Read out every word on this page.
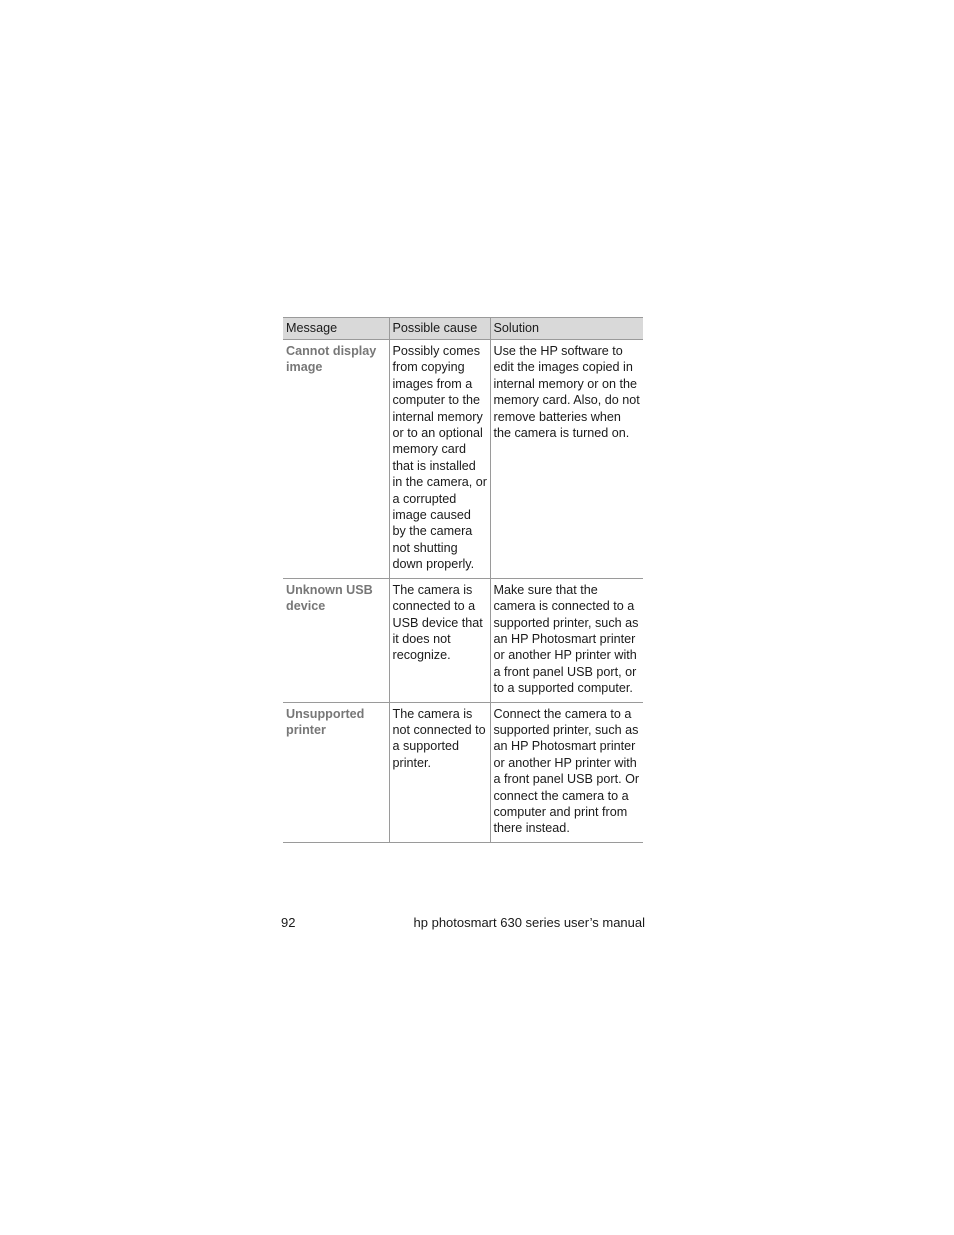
Message	Possible cause	Solution
Cannot display image	Possibly comes from copying images from a computer to the internal memory or to an optional memory card that is installed in the camera, or a corrupted image caused by the camera not shutting down properly.	Use the HP software to edit the images copied in internal memory or on the memory card. Also, do not remove batteries when the camera is turned on.
Unknown USB device	The camera is connected to a USB device that it does not recognize.	Make sure that the camera is connected to a supported printer, such as an HP Photosmart printer or another HP printer with a front panel USB port, or to a supported computer.
Unsupported printer	The camera is not connected to a supported printer.	Connect the camera to a supported printer, such as an HP Photosmart printer or another HP printer with a front panel USB port. Or connect the camera to a computer and print from there instead.
92	hp photosmart 630 series user’s manual
